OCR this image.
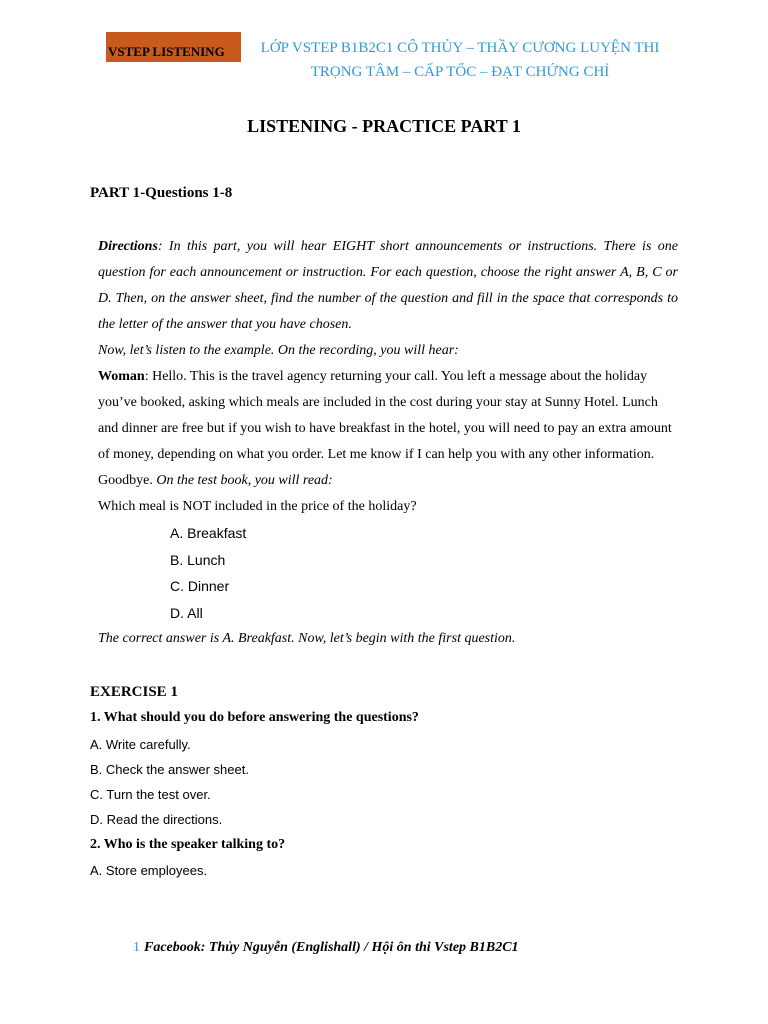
VSTEP LISTENING	LỚP VSTEP B1B2C1 CÔ THỦY – THẦY CƯƠNG LUYỆN THI
TRỌNG TÂM – CẤP TỐC – ĐẠT CHỨNG CHỈ
LISTENING - PRACTICE PART 1
PART 1-Questions 1-8

Directions: In this part, you will hear EIGHT short announcements or instructions. There is one question for each announcement or instruction. For each question, choose the right answer A, B, C or D. Then, on the answer sheet, find the number of the question and fill in the space that corresponds to the letter of the answer that you have chosen.

Now, let’s listen to the example. On the recording, you will hear:

Woman: Hello. This is the travel agency returning your call. You left a message about the holiday you’ve booked, asking which meals are included in the cost during your stay at Sunny Hotel. Lunch and dinner are free but if you wish to have breakfast in the hotel, you will need to pay an extra amount of money, depending on what you order. Let me know if I can help you with any other information. Goodbye. On the test book, you will read:

Which meal is NOT included in the price of the holiday?

A. Breakfast
B. Lunch
C. Dinner
D. All

The correct answer is A. Breakfast. Now, let’s begin with the first question.

EXERCISE 1
1. What should you do before answering the questions?
A. Write carefully.
B. Check the answer sheet.
C. Turn the test over.
D. Read the directions.
2. Who is the speaker talking to?
A. Store employees.
1 Facebook: Thủy Nguyễn (Englishall) / Hội ôn thi Vstep B1B2C1
